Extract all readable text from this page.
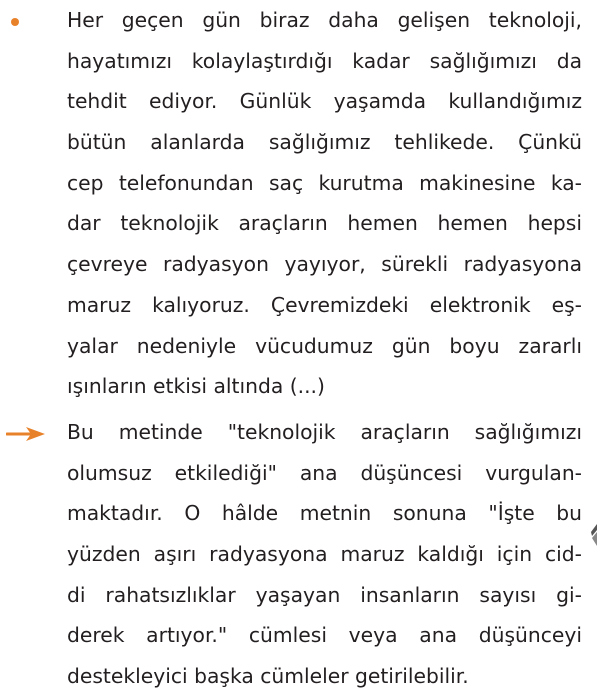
Her geçen gün biraz daha gelişen teknoloji,
hayatımızı kolaylaştırdığı kadar sağlığımızı da
tehdit ediyor. Günlük yaşamda kullandığımız
bütün alanlarda sağlığımız tehlikede. Çünkü
cep telefonundan saç kurutma makinesine ka-
dar teknolojik araçların hemen hemen hepsi
çevreye radyasyon yayıyor, sürekli radyasyona
maruz kalıyoruz. Çevremizdeki elektronik eş-
yalar nedeniyle vücudumuz gün boyu zararlı
ışınların etkisi altında (...)

Bu metinde "teknolojik araçların sağlığımızı
olumsuz etkilediği" ana düşüncesi vurgulan-
maktadır. O hâlde metnin sonuna "İşte bu
yüzden aşırı radyasyona maruz kaldığı için cid-
di rahatsızlıklar yaşayan insanların sayısı gi-
derek artıyor." cümlesi veya ana düşünceyi
destekleyici başka cümleler getirilebilir.
